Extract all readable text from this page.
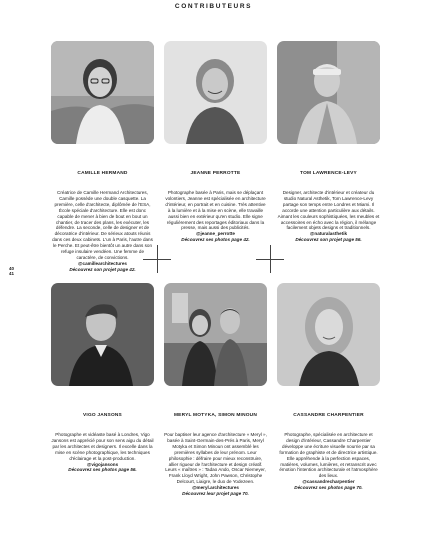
CONTRIBUTEURS
40
41
CAMILLE HERMAND
Créatrice de Camille Hermand Architectures, Camille possède une double casquette. La première, celle d'architecte, diplômée de l'ESA, École spéciale d'architecture. Elle est donc capable de mener à bien de bout en bout un chantier, de tracer des plans, les exécuter, les défendre. La seconde, celle de designer et de décoratrice d'intérieur. De sérieux atouts réunis dans ces deux cabinets. L'un à Paris, l'autre dans le Perche. Et peut-être bientôt un autre dans son refuge insulaire vendéen. Une femme de caractère, de convictions.
@camillearchitectures
Découvrez son projet page 42.
JEANNE PERROTTE
Photographe basée à Paris, mais se déplaçant volontiers, Jeanne est spécialisée en architecture d'intérieur, en portrait et en cuisine. Très attentive à la lumière et à la mise en scène, elle travaille aussi bien en extérieur qu'en studio. Elle signe régulièrement des reportages éditoriaux dans la presse, mais aussi des publicités.
@jeanne_perrotte
Découvrez ses photos page 42.
TOM LAWRENCE-LEVY
Designer, architecte d'intérieur et créateur du studio Natural Asthetik, Tom Lawrence-Levy partage son temps entre Londres et Miami. Il accorde une attention particulière aux détails. Aimant les couleurs sophistiquées, les meubles et accessoires en écho avec la région, il mélange facilement objets designs et traditionnels.
@naturalasthetik
Découvrez son projet page 56.
VIGO JANSONS
Photographe et vidéaste basé à Londres, Vigo Jansons est apprécié pour son sens aigu du détail par les architectes et designers. Il excelle dans la mise en scène photographique, les techniques d'éclairage et la post-production.
@vigojansons
Découvrez ses photos page 56.
MERYL MOTYKA, SIMON MINOUN
Pour baptiser leur agence d'architecture « Meryl », basée à Saint-Germain-des-Prés à Paris, Meryl Motyka et Simon Minoun ont assemblé les premières syllabes de leur prénom. Leur philosophie : défraire pour mieux reconstruire, allier rigueur de l'architecture et design créatif. Leurs « maîtres » : Tadao Ando, Oscar Niemeyer, Frank Lloyd Wright, John Pawson, Christophe Delcourt, Liaigre, le duo de Yodezeen.
@meryl.architectures
Découvrez leur projet page 70.
CASSANDRE CHARPENTIER
Photographe, spécialisée en architecture et design d'intérieur, Cassandre Charpentier développe une écriture visuelle nourrie par sa formation de graphiste et de directrice artistique. Elle appréhende à la perfection espaces, matières, volumes, lumières, et retranscrit avec émotion l'intention architecturale et l'atmosphère des lieux.
@cassandrecharpentier
Découvrez ses photos page 70.
